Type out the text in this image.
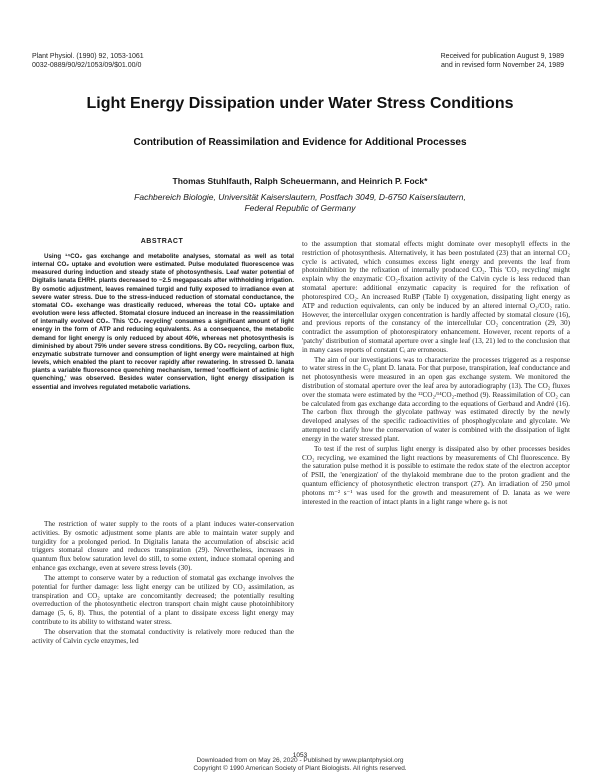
Plant Physiol. (1990) 92, 1053-1061
0032-0889/90/92/1053/09/$01.00/0
Received for publication August 9, 1989
and in revised form November 24, 1989
Light Energy Dissipation under Water Stress Conditions
Contribution of Reassimilation and Evidence for Additional Processes
Thomas Stuhlfauth, Ralph Scheuermann, and Heinrich P. Fock*
Fachbereich Biologie, Universität Kaiserslautern, Postfach 3049, D-6750 Kaiserslautern,
Federal Republic of Germany
ABSTRACT
Using ¹⁴CO₂ gas exchange and metabolite analyses, stomatal as well as total internal CO₂ uptake and evolution were estimated. Pulse modulated fluorescence was measured during induction and steady state of photosynthesis. Leaf water potential of Digitalis lanata EHRH. plants decreased to −2.5 megapascals after withholding irrigation. By osmotic adjustment, leaves remained turgid and fully exposed to irradiance even at severe water stress. Due to the stress-induced reduction of stomatal conductance, the stomatal CO₂ exchange was drastically reduced, whereas the total CO₂ uptake and evolution were less affected. Stomatal closure induced an increase in the reassimilation of internally evolved CO₂. This 'CO₂ recycling' consumes a significant amount of light energy in the form of ATP and reducing equivalents. As a consequence, the metabolic demand for light energy is only reduced by about 40%, whereas net photosynthesis is diminished by about 75% under severe stress conditions. By CO₂ recycling, carbon flux, enzymatic substrate turnover and consumption of light energy were maintained at high levels, which enabled the plant to recover rapidly after rewatering. In stressed D. lanata plants a variable fluorescence quenching mechanism, termed 'coefficient of actinic light quenching,' was observed. Besides water conservation, light energy dissipation is essential and involves regulated metabolic variations.

The restriction of water supply to the roots of a plant induces water-conservation activities. By osmotic adjustment some plants are able to maintain water supply and turgidity for a prolonged period. In Digitalis lanata the accumulation of abscisic acid triggers stomatal closure and reduces transpiration (29). Nevertheless, increases in quantum flux below saturation level do still, to some extent, induce stomatal opening and enhance gas exchange, even at severe stress levels (30).

The attempt to conserve water by a reduction of stomatal gas exchange involves the potential for further damage: less light energy can be utilized by CO₂ assimilation, as transpiration and CO₂ uptake are concomitantly decreased; the potentially resulting overreduction of the photosynthetic electron transport chain might cause photoinhibitory damage (5, 6, 8). Thus, the potential of a plant to dissipate excess light energy may contribute to its ability to withstand water stress.

The observation that the stomatal conductivity is relatively more reduced than the activity of Calvin cycle enzymes, led

to the assumption that stomatal effects might dominate over mesophyll effects in the restriction of photosynthesis. Alternatively, it has been postulated (23) that an internal CO₂ cycle is activated, which consumes excess light energy and prevents the leaf from photoinhibition by the refixation of internally produced CO₂. This 'CO₂ recycling' might explain why the enzymatic CO₂-fixation activity of the Calvin cycle is less reduced than stomatal aperture: additional enzymatic capacity is required for the refixation of photorespired CO₂. An increased RuBP (Table I) oxygenation, dissipating light energy as ATP and reduction equivalents, can only be induced by an altered internal O₂/CO₂ ratio. However, the intercellular oxygen concentration is hardly affected by stomatal closure (16), and previous reports of the constancy of the intercellular CO₂ concentration (29, 30) contradict the assumption of photorespiratory enhancement. However, recent reports of a 'patchy' distribution of stomatal aperture over a single leaf (13, 21) led to the conclusion that in many cases reports of constant Cᵢ are erroneous.

The aim of our investigations was to characterize the processes triggered as a response to water stress in the C₃ plant D. lanata. For that purpose, transpiration, leaf conductance and net photosynthesis were measured in an open gas exchange system. We monitored the distribution of stomatal aperture over the leaf area by autoradiography (13). The CO₂ fluxes over the stomata were estimated by the ¹²CO₂/¹⁴CO₂-method (9). Reassimilation of CO₂ can be calculated from gas exchange data according to the equations of Gerbaud and André (16). The carbon flux through the glycolate pathway was estimated directly by the newly developed analyses of the specific radioactivities of phosphoglycolate and glycolate. We attempted to clarify how the conservation of water is combined with the dissipation of light energy in the water stressed plant.

To test if the rest of surplus light energy is dissipated also by other processes besides CO₂ recycling, we examined the light reactions by measurements of Chl fluorescence. By the saturation pulse method it is possible to estimate the redox state of the electron acceptor of PSII, the 'energization' of the thylakoid membrane due to the proton gradient and the quantum efficiency of photosynthetic electron transport (27). An irradiation of 250 μmol photons m⁻² s⁻¹ was used for the growth and measurement of D. lanata as we were interested in the reaction of intact plants in a light range where gₛ is not

1053
Downloaded from on May 26, 2020 - Published by www.plantphysiol.org
Copyright © 1990 American Society of Plant Biologists. All rights reserved.
